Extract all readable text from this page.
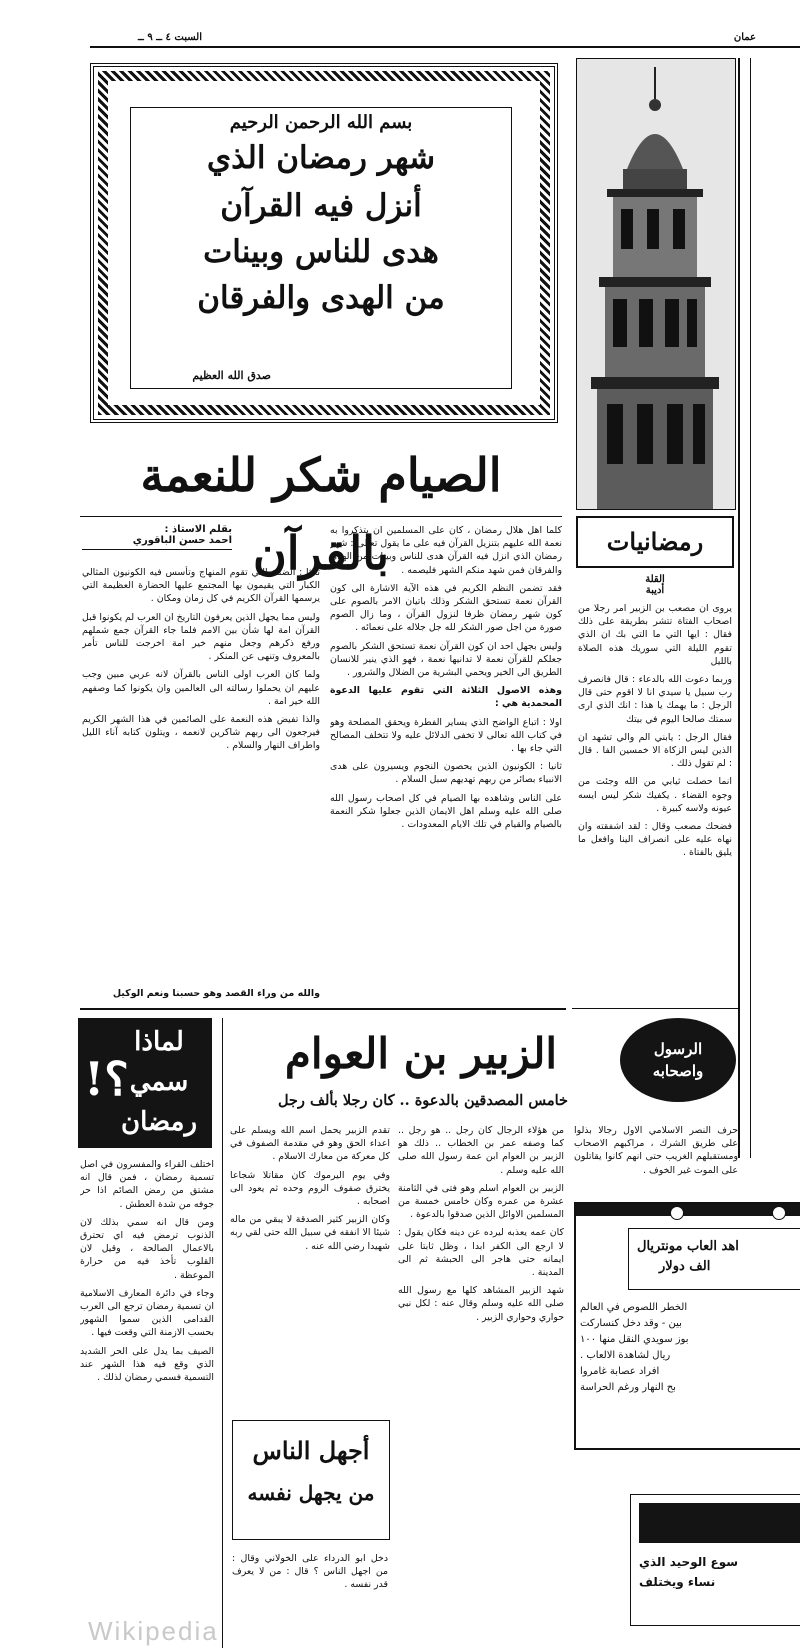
السبت ٤ ــ ٩ ــ	عمان
بسم الله الرحمن الرحيم
شهر رمضان الذي
أنزل فيه القرآن
هدى للناس وبينات
من الهدى والفرقان
صدق الله العظيم
رمضانيات
القلة
أديبة

يروى ان مصعب بن الزبير امر رجلا من اصحاب الفتاة تتشر بطريقة على ذلك فقال : ايها التي ما التي بك ان الذي تقوم الليلة التي سوريك هذه الصلاة بالليل

وربما دعوت الله بالدعاء : قال فانصرف رب سبيل يا سيدي انا لا اقوم حتى قال الرجل : ما يهمك يا هذا : انك الذي ارى سمتك صالحا اليوم في بيتك

فقال الرجل : يابني الم والي تشهد ان الذين ليس الزكاة الا خمسين الفا . قال : لم تقول ذلك .

انما حصلت ثيابي من الله وجئت من وجوه القضاء . يكفيك شكر ليس ايسه عيونه ولاسه كبيرة .

فضحك مصعب وقال : لقد اشفقته وان نهاه عليه على انصراف الينا وافعل ما يليق بالفتاة .

الصيام شكر للنعمة بالقرآن
بقلم الاستاذ :
احمد حسن الباقوري

كلما اهل هلال رمضان ، كان على المسلمين ان يتذكروا به نعمة الله عليهم بتنزيل القرآن فيه على ما يقول تعالى : شهر رمضان الذي انزل فيه القرآن هدى للناس وبينات من الهدى والفرقان فمن شهد منكم الشهر فليصمه .

فقد تضمن النظم الكريم في هذه الآية الاشارة الى كون القرآن نعمة تستحق الشكر وذلك باتيان الامر بالصوم على كون شهر رمضان ظرفا لنزول القرآن ، وما زال الصوم صورة من اجل صور الشكر لله جل جلاله على نعمائه .

وليس بجهل احد ان كون القرآن نعمة تستحق الشكر بالصوم جعلكم للقرآن نعمة لا تدانيها نعمة ، فهو الذي ينير للانسان الطريق الى الخير ويحمي البشرية من الضلال والشرور .

وهذه الاصول الثلاثة التي تقوم عليها الدعوة المحمدية هي :

اولا : اتباع الواضح الذي يساير الفطرة ويحقق المصلحة وهو في كتاب الله تعالى لا تخفى الدلائل عليه ولا تتخلف المصالح التي جاء بها .

ثانيا : الكونيون الذين يحصون النجوم ويسيرون على هدى الانبياء بصائر من ربهم تهديهم سبل السلام .

على الناس وشاهده بها الصيام في كل اصحاب رسول الله صلى الله عليه وسلم اهل الايمان الذين جعلوا شكر النعمة بالصيام والقيام في تلك الايام المعدودات .

ثالثا : الضمة التي تقوم المنهاج وتأسس فيه الكونيون المثالي الكبار التي يقيمون بها المجتمع عليها الحضارة العظيمة التي يرسمها القرآن الكريم في كل زمان ومكان .

وليس مما يجهل الذين يعرفون التاريخ ان العرب لم يكونوا قبل القرآن امة لها شأن بين الامم فلما جاء القرآن جمع شملهم ورفع ذكرهم وجعل منهم خير امة اخرجت للناس تأمر بالمعروف وتنهى عن المنكر .

ولما كان العرب اولى الناس بالقرآن لانه عربي مبين وجب عليهم ان يحملوا رسالته الى العالمين وان يكونوا كما وصفهم الله خير امة .

والذا تفيض هذه النعمة على الصائمين في هذا الشهر الكريم فيرجعون الى ربهم شاكرين لانعمه ، ويتلون كتابه آناء الليل واطراف النهار والسلام .

والله من وراء القصد وهو حسبنا ونعم الوكيل
الرسول واصحابه
الزبير بن العوام
خامس المصدقين بالدعوة .. كان رجلا بألف رجل

حرف النصر الاسلامي الاول رجالا بذلوا على طريق الشرك ، مراكبهم الاصحاب ومستقبلهم الغريب حتى انهم كانوا يقاتلون على الموت غير الخوف .

من هؤلاء الرجال كان رجل .. هو رجل .. كما وصفه عمر بن الخطاب .. ذلك هو الزبير بن العوام ابن عمة رسول الله صلى الله عليه وسلم .

الزبير بن العوام اسلم وهو فتى في الثامنة عشرة من عمره وكان خامس خمسة من المسلمين الاوائل الذين صدقوا بالدعوة .

كان عمه يعذبه ليرده عن دينه فكان يقول : لا ارجع الى الكفر ابدا ، وظل ثابتا على ايمانه حتى هاجر الى الحبشة ثم الى المدينة .

شهد الزبير المشاهد كلها مع رسول الله صلى الله عليه وسلم وقال عنه : لكل نبي حواري وحواري الزبير .

تقدم الزبير يحمل اسم الله ويسلم على اعداء الحق وهو في مقدمة الصفوف في كل معركة من معارك الاسلام .

وفي يوم اليرموك كان مقاتلا شجاعا يخترق صفوف الروم وحده ثم يعود الى اصحابه .

وكان الزبير كثير الصدقة لا يبقي من ماله شيئا الا انفقه في سبيل الله حتى لقي ربه شهيدا رضي الله عنه .

أجهل الناس
من يجهل نفسه

دخل ابو الدرداء على الخولاني وقال : من اجهل الناس ؟ قال : من لا يعرف قدر نفسه .

؟!
لماذا
سمي
رمضان

اختلف القراء والمفسرون في اصل تسمية رمضان ، فمن قال انه مشتق من رمض الصائم اذا حر جوفه من شدة العطش .

ومن قال انه سمي بذلك لان الذنوب ترمض فيه اي تحترق بالاعمال الصالحة ، وقيل لان القلوب تأخذ فيه من حرارة الموعظة .

وجاء في دائرة المعارف الاسلامية ان تسمية رمضان ترجع الى العرب القدامى الذين سموا الشهور بحسب الازمنة التي وقعت فيها .

الصيف بما يدل على الحر الشديد الذي وقع فيه هذا الشهر عند التسمية فسمي رمضان لذلك .

اهد العاب مونتريال
الف دولار
الخطر اللصوص في العالم
بين - وقد دخل كنساركت
بوز سويدي النقل منها ١٠٠
ريال لشاهدة الالعاب .
افراد عصابة غامروا
بح النهار ورغم الحراسة
سوع الوحيد الذي
نساء ويختلف
Wikipedia
